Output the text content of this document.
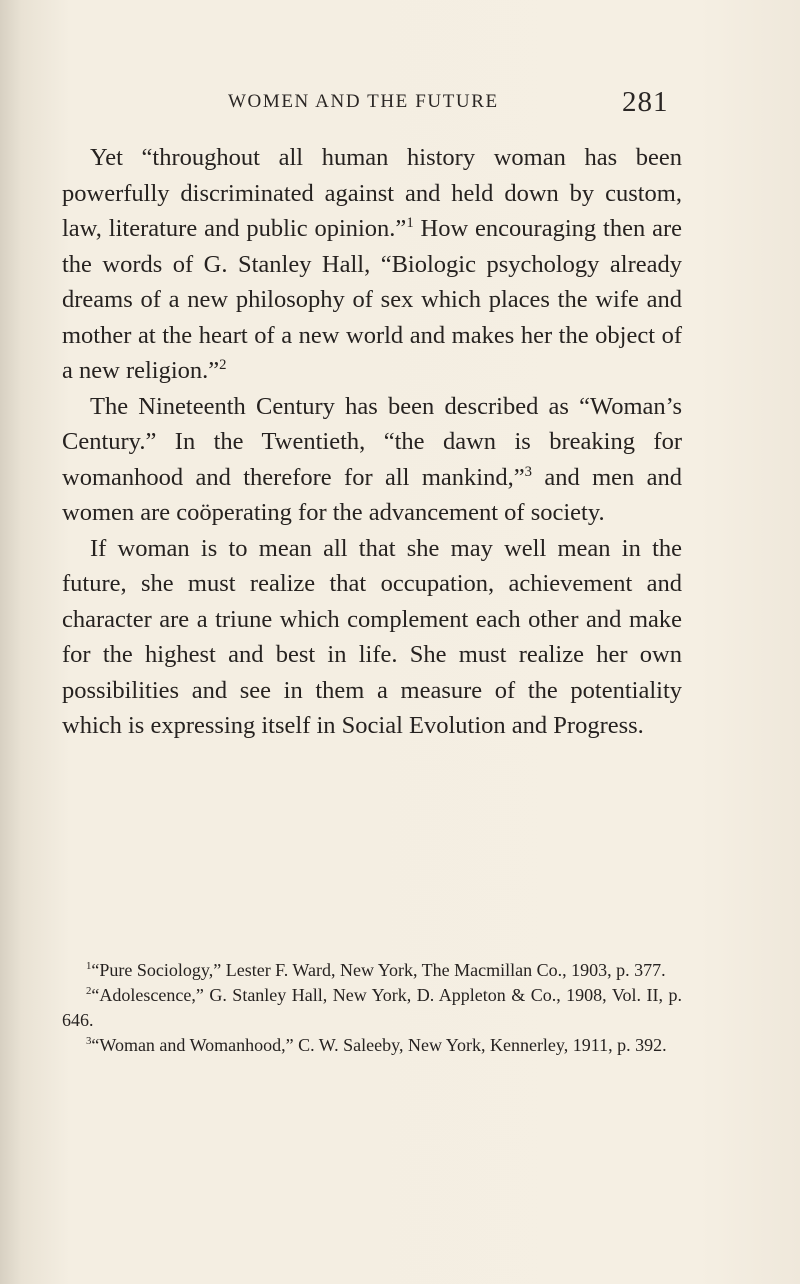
WOMEN AND THE FUTURE	281

Yet “throughout all human history woman has been powerfully discriminated against and held down by custom, law, literature and public opinion.”$^1$ How encouraging then are the words of G. Stanley Hall, “Biologic psychology already dreams of a new philosophy of sex which places the wife and mother at the heart of a new world and makes her the object of a new religion.”$^2$

The Nineteenth Century has been described as “Woman’s Century.” In the Twentieth, “the dawn is breaking for womanhood and therefore for all mankind,”$^3$ and men and women are coöperating for the advancement of society.

If woman is to mean all that she may well mean in the future, she must realize that occupation, achievement and character are a triune which complement each other and make for the highest and best in life. She must realize her own possibilities and see in them a measure of the potentiality which is expressing itself in Social Evolution and Progress.

$^1$“Pure Sociology,” Lester F. Ward, New York, The Macmillan Co., 1903, p. 377.

$^2$“Adolescence,” G. Stanley Hall, New York, D. Appleton & Co., 1908, Vol. II, p. 646.

$^3$“Woman and Womanhood,” C. W. Saleeby, New York, Kennerley, 1911, p. 392.
